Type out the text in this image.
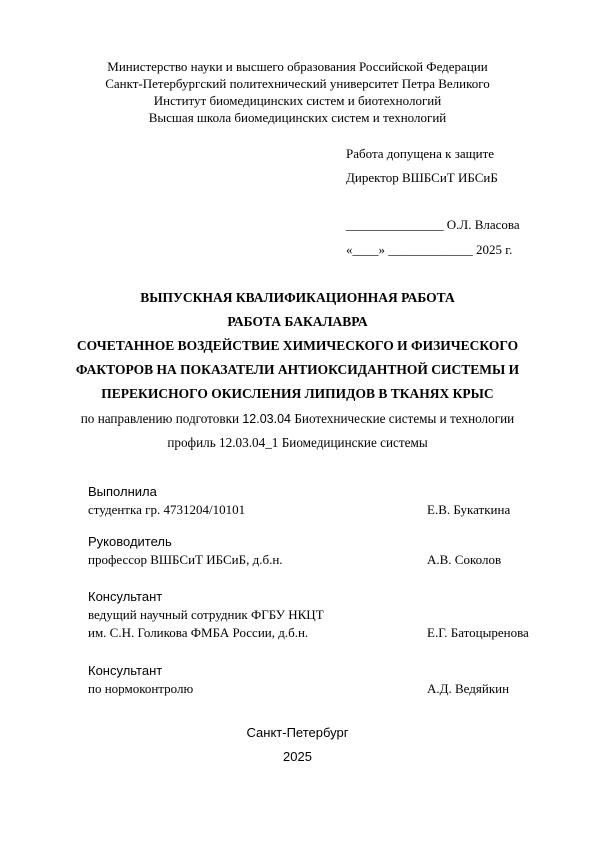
Министерство науки и высшего образования Российской Федерации
Санкт-Петербургский политехнический университет Петра Великого
Институт биомедицинских систем и биотехнологий
Высшая школа биомедицинских систем и технологий
Работа допущена к защите
Директор ВШБСиТ ИБСиБ
_______________ О.Л. Власова
«____» _____________ 2025 г.
ВЫПУСКНАЯ КВАЛИФИКАЦИОННАЯ РАБОТА
РАБОТА БАКАЛАВРА
СОЧЕТАННОЕ ВОЗДЕЙСТВИЕ ХИМИЧЕСКОГО И ФИЗИЧЕСКОГО
ФАКТОРОВ НА ПОКАЗАТЕЛИ АНТИОКСИДАНТНОЙ СИСТЕМЫ И
ПЕРЕКИСНОГО ОКИСЛЕНИЯ ЛИПИДОВ В ТКАНЯХ КРЫС
по направлению подготовки 12.03.04 Биотехнические системы и технологии
профиль 12.03.04_1 Биомедицинские системы
Выполнила
студентка гр. 4731204/10101	Е.В. Букаткина
Руководитель
профессор ВШБСиТ ИБСиБ, д.б.н.	А.В. Соколов
Консультант
ведущий научный сотрудник ФГБУ НКЦТ
им. С.Н. Голикова ФМБА России, д.б.н.	Е.Г. Батоцыренова
Консультант
по нормоконтролю	А.Д. Ведяйкин
Санкт-Петербург
2025
